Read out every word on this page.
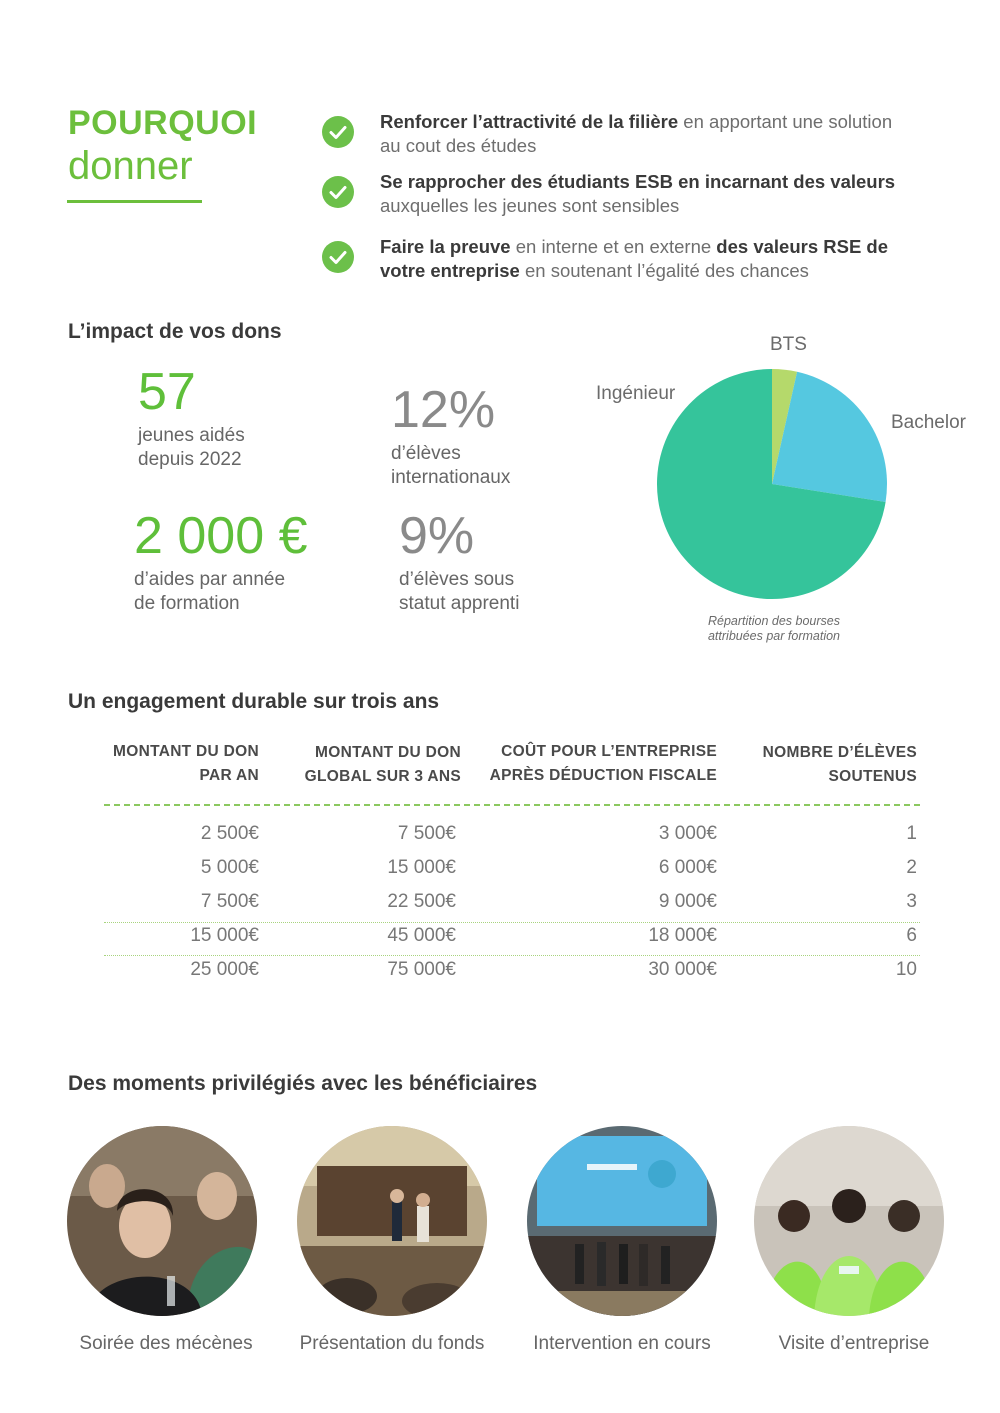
POURQUOI
donner
Renforcer l’attractivité de la filière en apportant une solution au cout des études
Se rapprocher des étudiants ESB en incarnant des valeurs auxquelles les jeunes sont sensibles
Faire la preuve en interne et en externe des valeurs RSE de votre entreprise en soutenant l’égalité des chances
L’impact de vos dons
57
jeunes aidés
depuis 2022
12%
d’élèves
internationaux
2 000 €
d’aides par année
de formation
9%
d’élèves sous
statut apprenti
BTS
Bachelor
Ingénieur
Répartition des bourses
attribuées par formation
Un engagement durable sur trois ans
MONTANT DU DON
PAR AN
MONTANT DU DON
GLOBAL SUR 3 ANS
COÛT POUR L’ENTREPRISE
APRÈS DÉDUCTION FISCALE
NOMBRE D’ÉLÈVES
SOUTENUS
2 500€	7 500€	3 000€	1
5 000€	15 000€	6 000€	2
7 500€	22 500€	9 000€	3
15 000€	45 000€	18 000€	6
25 000€	75 000€	30 000€	10
Des moments privilégiés avec les bénéficiaires
Soirée des mécènes	Présentation du fonds	Intervention en cours	Visite d’entreprise
